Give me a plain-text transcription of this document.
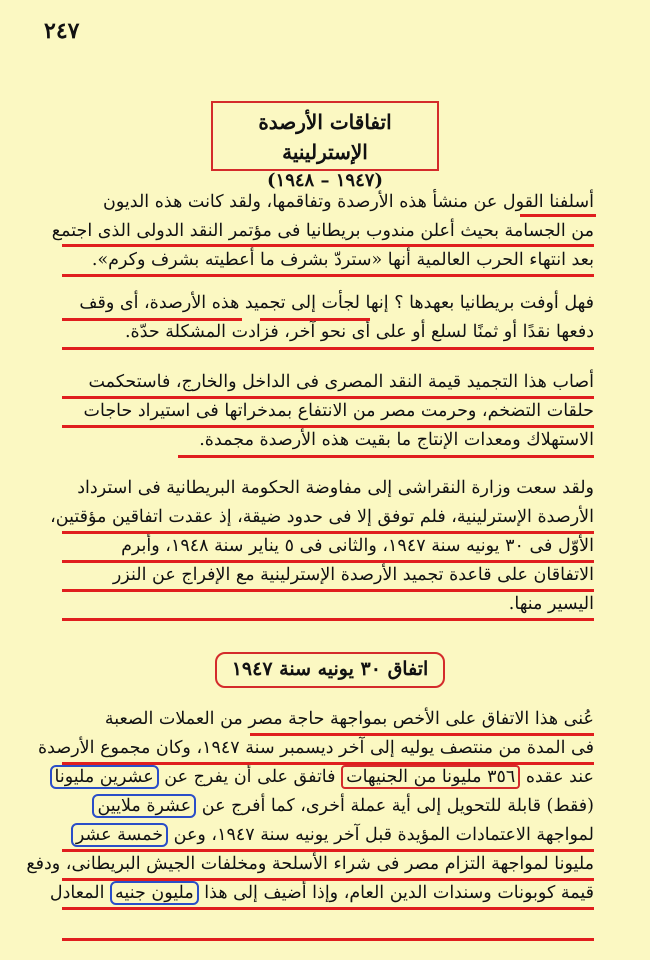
٢٤٧
اتفاقات الأرصدة الإسترلينية
(١٩٤٧ – ١٩٤٨)
أسلفنا القول عن منشأ هذه الأرصدة وتفاقمها، ولقد كانت هذه الديون
من الجسامة بحيث أعلن مندوب بريطانيا فى مؤتمر النقد الدولى الذى اجتمع
بعد انتهاء الحرب العالمية أنها «ستردّ بشرف ما أعطيته بشرف وكرم».
فهل أوفت بريطانيا بعهدها ؟ إنها لجأت إلى تجميد هذه الأرصدة، أى وقف
دفعها نقدًا أو ثمنًا لسلع أو على أى نحو آخر، فزادت المشكلة حدّة.
أصاب هذا التجميد قيمة النقد المصرى فى الداخل والخارج، فاستحكمت
حلقات التضخم، وحرمت مصر من الانتفاع بمدخراتها فى استيراد حاجات
الاستهلاك ومعدات الإنتاج ما بقيت هذه الأرصدة مجمدة.
ولقد سعت وزارة النقراشى إلى مفاوضة الحكومة البريطانية فى استرداد
الأرصدة الإسترلينية، فلم توفق إلا فى حدود ضيقة، إذ عقدت اتفاقين مؤقتين،
الأوّل فى ٣٠ يونيه سنة ١٩٤٧، والثانى فى ٥ يناير سنة ١٩٤٨، وأبرم
الاتفاقان على قاعدة تجميد الأرصدة الإسترلينية مع الإفراج عن النزر
اليسير منها.
اتفاق ٣٠ يونيه سنة ١٩٤٧
عُنى هذا الاتفاق على الأخص بمواجهة حاجة مصر من العملات الصعبة
فى المدة من منتصف يوليه إلى آخر ديسمبر سنة ١٩٤٧، وكان مجموع الأرصدة
عند عقده ٣٥٦ مليونا من الجنيهات فاتفق على أن يفرج عن عشرين مليونا
(فقط) قابلة للتحويل إلى أية عملة أخرى، كما أفرج عن عشرة ملايين
لمواجهة الاعتمادات المؤيدة قبل آخر يونيه سنة ١٩٤٧، وعن خمسة عشر
مليونا لمواجهة التزام مصر فى شراء الأسلحة ومخلفات الجيش البريطانى، ودفع
قيمة كوبونات وسندات الدين العام، وإذا أضيف إلى هذا مليون جنيه المعادل
